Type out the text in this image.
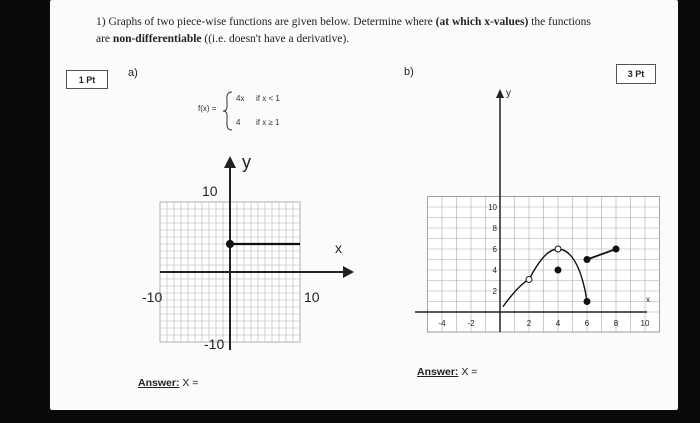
1) Graphs of two piece-wise functions are given below. Determine where (at which x-values) the functions
are non-differentiable ((i.e. doesn't have a derivative).
1 Pt
a)
f(x) =
4x if x < 1
4 if x ≥ 1
y
x
10
-10
-10	10
Answer: X =
b)	3 Pt
y
x
10
8
6
4
2
-4	-2	2	4	6	8	10
Answer: X =
